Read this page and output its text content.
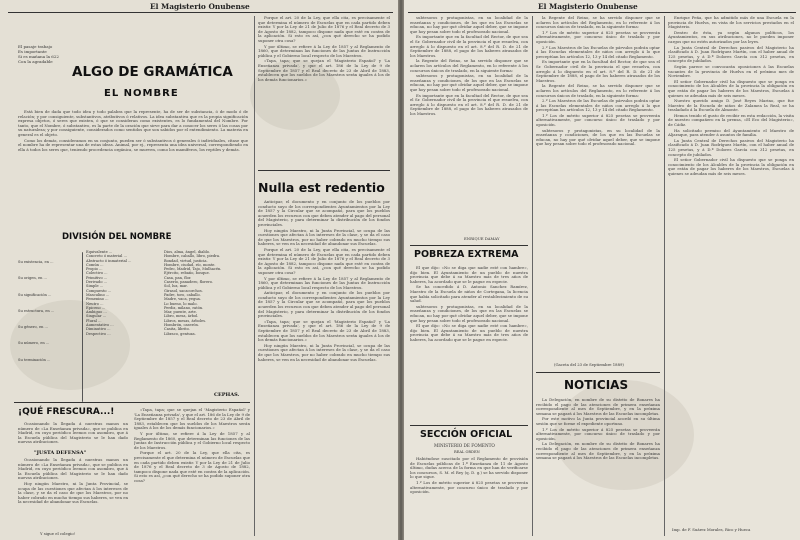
El Magisterio Onubense
El pasaje trabajo
Es importante
Si es mañana la 622
Con la agradable
ALGO DE GRAMÁTICA
EL NOMBRE

Está bien de dada que todo idea y todo palabra que la represente, ha de ser de substancia, ó de modo ó de relación; y por consiguiente, substantivos, atributivos ó relativos. La idea substantiva que es la propia significación expresa objetos, ó seres que existen, ó que se consideran como existentes, es lo fundamental del Nombre. Por tanto, que el Nombre, ó substantivo, es la parte de la oración que sirve para dar a conocer los seres ó las cosas por su naturaleza; y por consiguiente, considerados como sentidos que son sabidos por el entendimiento. La materia en general es el objeto.

Como los demás, consideramos en su conjunto, pueden ser ó substantivos ó generales ó individuales, cítase que el nombre ha de representar una de estas ideas. Animal, por ej., representa una idea universal, correspondiendo en ella á todos los seres que, teniendo procedencia orgánica, se mueven, como los mamíferos, los reptiles y demás.

DIVISIÓN DEL NOMBRE
Su existencia, en ...
Su origen, en ...
Su significación ...
Su estructura, en ...
Su género, en ...
Su número, en ...
Su terminación ...
Equivalente ...
Concreto ó material ...
Abstracto ó inmaterial ...
Común ...
Propio ...
Colectivo ...
Primitivo ...
Derivado ...
Simple ...
Compuesto ...
Masculino ...
Femenino ...
Neutro ...
Epiceno ...
Ambiguo ...
Singular ...
Plural ...
Aumentativo ...
Diminutivo ...
Despectivo ...
Dios, alma, ángel, diablo.
Hombre, caballo, libro, piedra.
Bondad, virtud, justicia.
Hombre, ciudad, río, monte.
Pedro, Madrid, Tajo, Mulhacén.
Ejército, rebaño, bosque.
Casa, pan, flor.
Caserío, panadero, florero.
Sol, luz, mar.
Girasol, sacacorchos.
Padre, toro, caballo.
Madre, vaca, yegua.
Lo bueno, lo malo.
Perdiz, milano, ratón.
Mar, puente, arte.
Libro, mesa, árbol.
Libros, mesas, árboles.
Hombrón, caserón.
Casita, librito.
Libraco, gentuza.
CEPHAS.
¡QUÉ FRESCURA...!

Ocasionando la llegada á nuestras manos un número de «La Enseñanza privada», que se publica en Madrid, en cuyo periódico leemos con asombro, que á la Escuela pública del Magisterio se le han dado nuevas atribuciones.

"JUSTA DEFENSA"

Ocasionando la llegada á nuestras manos un número de «La Enseñanza privada», que se publica en Madrid, en cuyo periódico leemos con asombro, que á la Escuela pública del Magisterio se le han dado nuevas atribuciones.

Hoy ningún Maestro, ni la Junta Provincial, se ocupa de las cuestiones que afectan á los intereses de la clase, y se da el caso de que los Maestros, por no haber cobrado en mucho tiempo sus haberes, se ven en la necesidad de abandonar sus Escuelas.

Y sigue el colegio!

«Tapa, tapa; que se quejan el 'Magisterio Español' y 'La Enseñanza privada', y que el art. 186 de la Ley de 9 de Septiembre de 1857 y el Real decreto de 23 de Abril de 1883, establecen que los sueldos de los Maestros serán iguales á los de los demás funcionarios.»

Y por último, se refiere á la Ley de 1857 y al Reglamento de 1860, que determinan las funciones de las Juntas de Instrucción pública y el Gobierno local respecto de los Maestros.

Porque el art. 20 de la Ley, que ella cita, es precisamente el que determina el número de Escuelas que en cada partido deben existir. Y por la Ley de 21 de Julio de 1876 y el Real decreto de 3 de Agosto de 1882, tampoco dispone nada que esté en contra de la aplicación. Si esto es así, ¿con qué derecho se ha podido suponer otra cosa?

Porque el art. 20 de la Ley, que ella cita, es precisamente el que determina el número de Escuelas que en cada partido deben existir. Y por la Ley de 21 de Julio de 1876 y el Real decreto de 3 de Agosto de 1882, tampoco dispone nada que esté en contra de la aplicación. Si esto es así, ¿con qué derecho se ha podido suponer otra cosa?

Y por último, se refiere á la Ley de 1857 y al Reglamento de 1860, que determinan las funciones de las Juntas de Instrucción pública y el Gobierno local respecto de los Maestros.

«Tapa, tapa; que se quejan el 'Magisterio Español' y 'La Enseñanza privada', y que el art. 186 de la Ley de 9 de Septiembre de 1857 y el Real decreto de 23 de Abril de 1883, establecen que los sueldos de los Maestros serán iguales á los de los demás funcionarios.»

Nulla est redentio

Anticipar, el documento y en conjunto de los pueblos por conducto suyo de los correspondientes Ayuntamientos por la Ley de 1857 y la Circular que se acompañó, para que los pueblos acuerden los recursos con que deben atender al pago del personal del Magisterio, y para determinar la distribución de los fondos provinciales.

Hoy ningún Maestro, ni la Junta Provincial, se ocupa de las cuestiones que afectan á los intereses de la clase, y se da el caso de que los Maestros, por no haber cobrado en mucho tiempo sus haberes, se ven en la necesidad de abandonar sus Escuelas.

Porque el art. 20 de la Ley, que ella cita, es precisamente el que determina el número de Escuelas que en cada partido deben existir. Y por la Ley de 21 de Julio de 1876 y el Real decreto de 3 de Agosto de 1882, tampoco dispone nada que esté en contra de la aplicación. Si esto es así, ¿con qué derecho se ha podido suponer otra cosa?

Y por último, se refiere á la Ley de 1857 y al Reglamento de 1860, que determinan las funciones de las Juntas de Instrucción pública y el Gobierno local respecto de los Maestros.

Anticipar, el documento y en conjunto de los pueblos por conducto suyo de los correspondientes Ayuntamientos por la Ley de 1857 y la Circular que se acompañó, para que los pueblos acuerden los recursos con que deben atender al pago del personal del Magisterio, y para determinar la distribución de los fondos provinciales.

«Tapa, tapa; que se quejan el 'Magisterio Español' y 'La Enseñanza privada', y que el art. 186 de la Ley de 9 de Septiembre de 1857 y el Real decreto de 23 de Abril de 1883, establecen que los sueldos de los Maestros serán iguales á los de los demás funcionarios.»

Hoy ningún Maestro, ni la Junta Provincial, se ocupa de las cuestiones que afectan á los intereses de la clase, y se da el caso de que los Maestros, por no haber cobrado en mucho tiempo sus haberes, se ven en la necesidad de abandonar sus Escuelas.

El Magisterio Onubense

subtesoros y protagonistas, en su localidad de la enseñanza y condiciones, de los que en las Escuelas se educan, no hay por qué olvidar aquel deber, que se impone que hoy pesan sobre todo el profesorado nacional.

Es importante que en la facultad del Rector, de que sea el Sr. Gobernador civil de la provincia el que resuelva, con arreglo á lo dispuesto en el art. 8.º del R. D. de 21 de Septiembre de 1888, el pago de los haberes atrasados de los Maestros.

la Regente del Reino, se ha servido disponer que se aclaren los artículos del Reglamento, en lo referente á los concursos únicos de traslado, en la siguiente forma:

subtesoros y protagonistas, en su localidad de la enseñanza y condiciones, de los que en las Escuelas se educan, no hay por qué olvidar aquel deber, que se impone que hoy pesan sobre todo el profesorado nacional.

Es importante que en la facultad del Rector, de que sea el Sr. Gobernador civil de la provincia el que resuelva, con arreglo á lo dispuesto en el art. 8.º del R. D. de 21 de Septiembre de 1888, el pago de los haberes atrasados de los Maestros.

ENRIQUE DAMAY
POBREZA EXTREMA

El que dijo: «No se diga que nadie esté con hambre», dijo bien. El Ayuntamiento de un pueblo de nuestra provincia que debe á su Maestro más de tres años de haberes, ha acordado que se le pague en especie.

Se ha concedido á D. Antonio Sanchez Ramírez, Maestro de la Escuela de niños de Cortegana, la licencia que había solicitado para atender al restablecimiento de su salud.

subtesoros y protagonistas, en su localidad de la enseñanza y condiciones, de los que en las Escuelas se educan, no hay por qué olvidar aquel deber, que se impone que hoy pesan sobre todo el profesorado nacional.

El que dijo: «No se diga que nadie esté con hambre», dijo bien. El Ayuntamiento de un pueblo de nuestra provincia que debe á su Maestro más de tres años de haberes, ha acordado que se le pague en especie.

SECCIÓN OFICIAL
MINISTERIO DE FOMENTO
REAL ORDEN

Habiéndose suscitado por el Reglamento de provisión de Escuelas públicas de 1.ª Enseñanza de 11 de Agosto último, dudas acerca de la forma en que han de verificarse los concursos, S. M. el Rey (q. D. g.) se ha servido disponer lo que sigue.

1.º Los de mérito superior á 825 pesetas se proveerán alternativamente, por concurso único de traslado y por oposición.

la Regente del Reino, se ha servido disponer que se aclaren los artículos del Reglamento, en lo referente á los concursos únicos de traslado, en la siguiente forma:

1.º Los de mérito superior á 825 pesetas se proveerán alternativamente, por concurso único de traslado y por oposición.

2.º Los Maestros de las Escuelas de párvulos podrán optar á las Escuelas elementales de niños con arreglo á lo que preceptúan los artículos 12, 13 y 14 del citado Reglamento.

Es importante que en la facultad del Rector, de que sea el Sr. Gobernador civil de la provincia el que resuelva, con arreglo á lo dispuesto en el art. 8.º del R. D. de 21 de Septiembre de 1888, el pago de los haberes atrasados de los Maestros.

la Regente del Reino, se ha servido disponer que se aclaren los artículos del Reglamento, en lo referente á los concursos únicos de traslado, en la siguiente forma:

2.º Los Maestros de las Escuelas de párvulos podrán optar á las Escuelas elementales de niños con arreglo á lo que preceptúan los artículos 12, 13 y 14 del citado Reglamento.

1.º Los de mérito superior á 825 pesetas se proveerán alternativamente, por concurso único de traslado y por oposición.

subtesoros y protagonistas, en su localidad de la enseñanza y condiciones, de los que en las Escuelas se educan, no hay por qué olvidar aquel deber, que se impone que hoy pesan sobre todo el profesorado nacional.

(Gaceta del 23 de Septiembre 1889)
NOTICIAS

La Delegación, en nombre de su distrito de Bonares ha recibido el pago de las atenciones de primera enseñanza correspondiente al mes de Septiembre, y en la próxima semana se pagará á los Maestros de las Escuelas incompletas.

Por este motivo la Junta provincial acordó en su última sesión que se forme el expediente oportuno.

1.º Los de mérito superior á 825 pesetas se proveerán alternativamente, por concurso único de traslado y por oposición.

La Delegación, en nombre de su distrito de Bonares ha recibido el pago de las atenciones de primera enseñanza correspondiente al mes de Septiembre, y en la próxima semana se pagará á los Maestros de las Escuelas incompletas.

Enrique Peña, que ha admitido más de una Escuela en la provincia de Huelva, en vista de los servicios prestados en el Magisterio.

Dentro de ésta, ya según algunos políticos, los Ayuntamientos, en sus atribuciones, no le pueden imponer cargos que no estén autorizados por las leyes.

La Junta Central de Derechos pasivos del Magisterio ha clasificado á D. Juan Rodríguez Martín, con el haber anual de 125 pesetas, y á D.ª Dolores García con 312 pesetas, en concepto de jubilados.

Según parece se convocarán oposiciones á las Escuelas vacantes de la provincia de Huelva en el próximo mes de Noviembre.

El señor Gobernador civil ha dispuesto que se ponga en conocimiento de los Alcaldes de la provincia la obligación en que están de pagar los haberes de los Maestros, Escuelas á quienes se adeudan más de seis meses.

Nuestro querido amigo D. José Reyes Marino, que fue Maestro de la Escuela de niños de Zalamea la Real, se ha trasladado á la Escuela de Almonte.

Hemos tenido el gusto de recibir en esta redacción, la visita de nuestro compañero en la prensa, «El Eco del Magisterio», de Cádiz.

Ha solicitado permiso del Ayuntamiento el Maestro de Aljaraque, para atender á asuntos de familia.

La Junta Central de Derechos pasivos del Magisterio ha clasificado á D. Juan Rodríguez Martín, con el haber anual de 125 pesetas, y á D.ª Dolores García con 312 pesetas, en concepto de jubilados.

El señor Gobernador civil ha dispuesto que se ponga en conocimiento de los Alcaldes de la provincia la obligación en que están de pagar los haberes de los Maestros, Escuelas á quienes se adeudan más de seis meses.

Imp. de F. Suárez Morales, Rico y Hueca
